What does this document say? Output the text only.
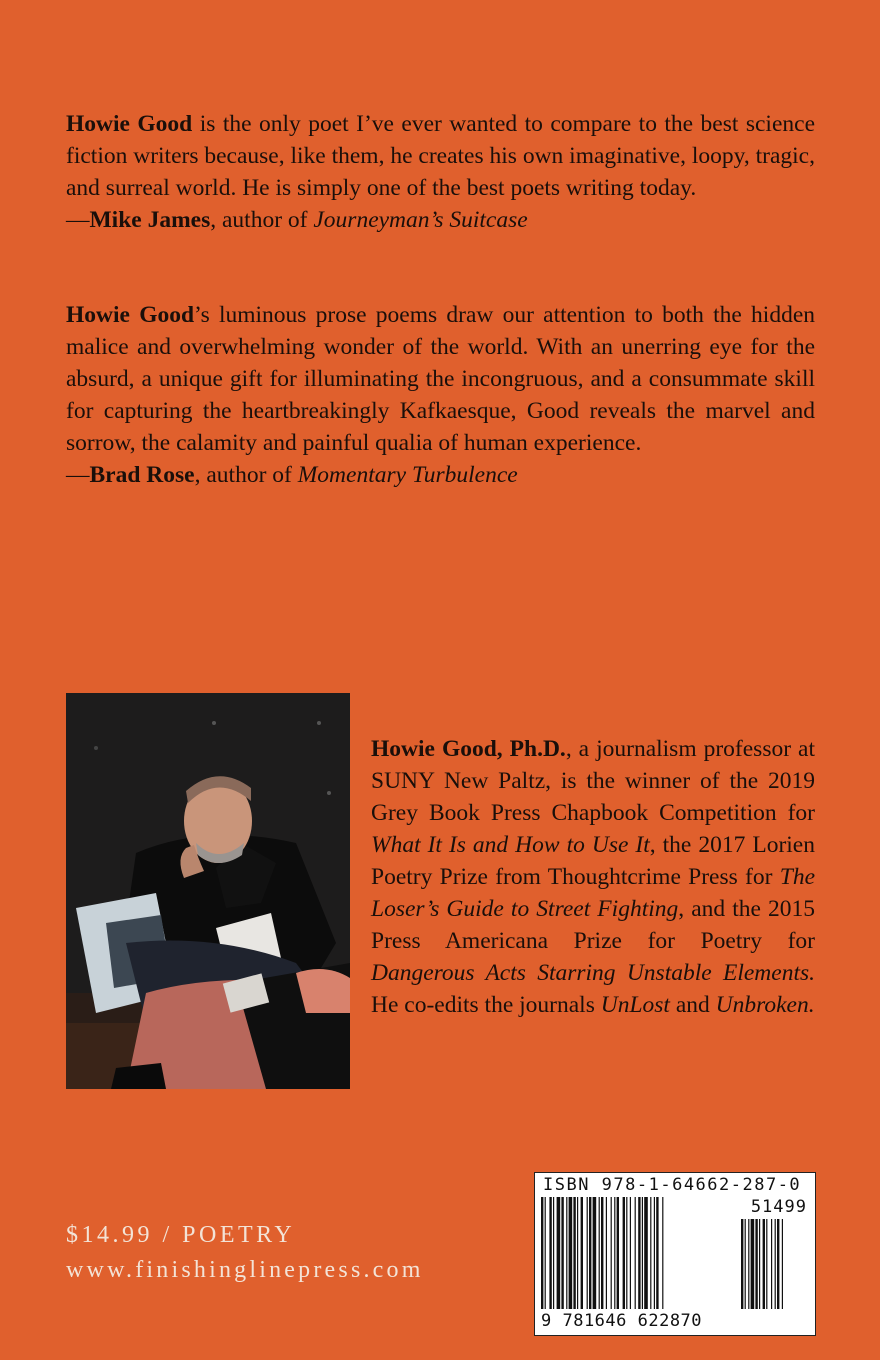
Howie Good is the only poet I’ve ever wanted to compare to the best science fiction writers because, like them, he creates his own imaginative, loopy, tragic, and surreal world. He is simply one of the best poets writing today.

—Mike James, author of Journeyman’s Suitcase

Howie Good’s luminous prose poems draw our attention to both the hidden malice and overwhelming wonder of the world. With an unerring eye for the absurd, a unique gift for illuminating the incongruous, and a consummate skill for capturing the heartbreakingly Kafkaesque, Good reveals the marvel and sorrow, the calamity and painful qualia of human experience.

—Brad Rose, author of Momentary Turbulence

Howie Good, Ph.D., a journalism professor at SUNY New Paltz, is the winner of the 2019 Grey Book Press Chapbook Competition for What It Is and How to Use It, the 2017 Lorien Poetry Prize from Thoughtcrime Press for The Loser’s Guide to Street Fighting, and the 2015 Press Americana Prize for Poetry for Dangerous Acts Starring Unstable Elements. He co-edits the journals UnLost and Unbroken.

$14.99 / POETRY
www.finishinglinepress.com
ISBN 978-1-64662-287-0
51499
9 781646 622870
